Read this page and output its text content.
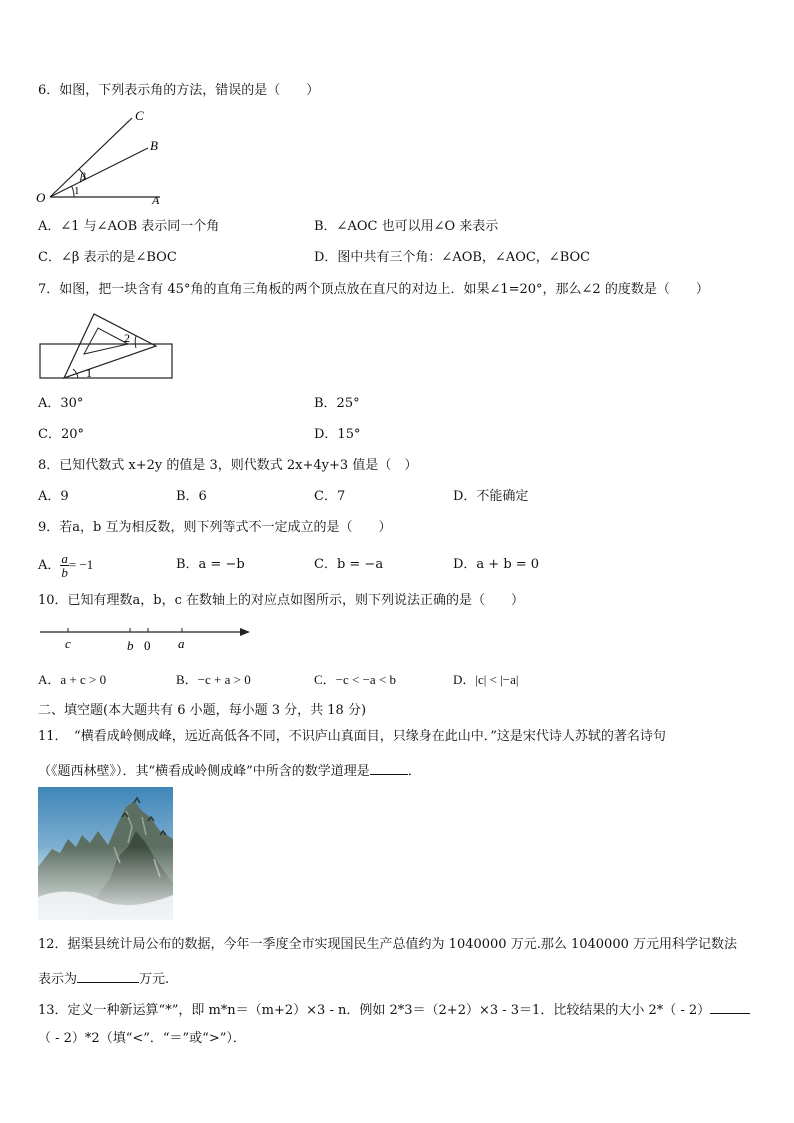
6．如图，下列表示角的方法，错误的是（　　）
C
B
O	A
β
1
A．∠1 与∠AOB 表示同一个角	B．∠AOC 也可以用∠O 来表示
C．∠β 表示的是∠BOC	D．图中共有三个角：∠AOB，∠AOC，∠BOC
7．如图，把一块含有 45°角的直角三角板的两个顶点放在直尺的对边上．如果∠1=20°，那么∠2 的度数是（　　）
2
1
A．30°	B．25°
C．20°	D．15°
8．已知代数式 x+2y 的值是 3，则代数式 2x+4y+3 值是（　）
A．9	B．6	C．7	D．不能确定
9．若a，b 互为相反数，则下列等式不一定成立的是（　　）
A． $\frac{a}{b} = -1$	B．a = −b	C．b = −a	D．a + b = 0
10．已知有理数a，b，c 在数轴上的对应点如图所示，则下列说法正确的是（　　）
c	b 0 a
A．a + c > 0	B．−c + a > 0	C．−c < −a < b	D．|c| < |−a|
二、填空题(本大题共有 6 小题，每小题 3 分，共 18 分)
11．　“横看成岭侧成峰，远近高低各不同，不识庐山真面目，只缘身在此山中．”这是宋代诗人苏轼的著名诗句
（《题西林壁》）．其“横看成岭侧成峰”中所含的数学道理是	．
12．据渠县统计局公布的数据，今年一季度全市实现国民生产总值约为 1040000 万元.那么 1040000 万元用科学记数法
表示为	万元.
13．定义一种新运算“*”，即 m*n＝（m+2）×3 - n．例如 2*3＝（2+2）×3 - 3＝1．比较结果的大小 2*（ - 2）
（ - 2）*2（填“<”．“＝”或“>”）．
